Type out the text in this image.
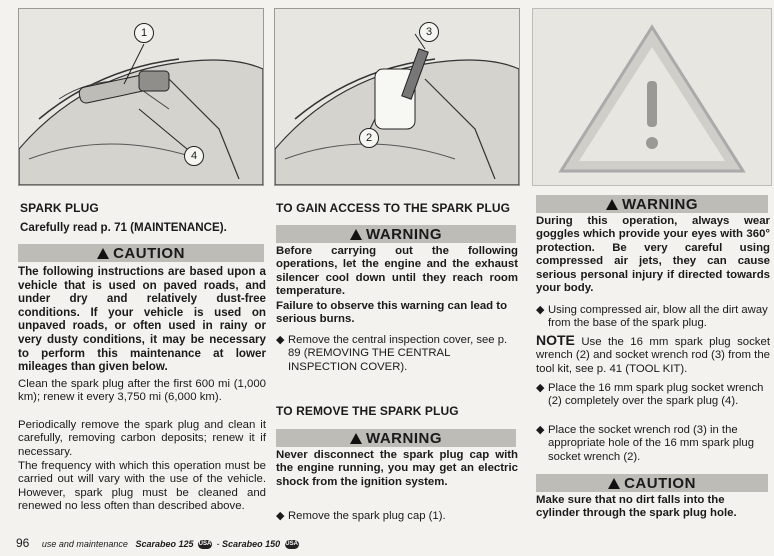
1
4
SPARK PLUG
Carefully read p. 71 (MAINTENANCE).
CAUTION
The following instructions are based upon a vehicle that is used on paved roads, and under dry and relatively dust-free conditions. If your vehicle is used on unpaved roads, or often used in rainy or very dusty conditions, it may be necessary to perform this maintenance at lower mileages than given below.
Clean the spark plug after the first 600 mi (1,000 km); renew it every 3,750 mi (6,000 km).
Periodically remove the spark plug and clean it carefully, removing carbon deposits; renew it if necessary.
The frequency with which this operation must be carried out will vary with the use of the vehicle. However, spark plug must be cleaned and renewed no less often than described above.
3
2
TO GAIN ACCESS TO THE SPARK PLUG
WARNING
Before carrying out the following operations, let the engine and the exhaust silencer cool down until they reach room temperature.
Failure to observe this warning can lead to serious burns.
◆ Remove the central inspection cover, see p. 89 (REMOVING THE CENTRAL INSPECTION COVER).
TO REMOVE THE SPARK PLUG
WARNING
Never disconnect the spark plug cap with the engine running, you may get an electric shock from the ignition system.
◆ Remove the spark plug cap (1).
WARNING
During this operation, always wear goggles which provide your eyes with 360° protection. Be very careful using compressed air jets, they can cause serious personal injury if directed towards your body.
◆ Using compressed air, blow all the dirt away from the base of the spark plug.
NOTE Use the 16 mm spark plug socket wrench (2) and socket wrench rod (3) from the tool kit, see p. 41 (TOOL KIT).
◆ Place the 16 mm spark plug socket wrench (2) completely over the spark plug (4).
◆ Place the socket wrench rod (3) in the appropriate hole of the 16 mm spark plug socket wrench (2).
CAUTION
Make sure that no dirt falls into the cylinder through the spark plug hole.
96 use and maintenance Scarabeo 125 USA - Scarabeo 150 USA
